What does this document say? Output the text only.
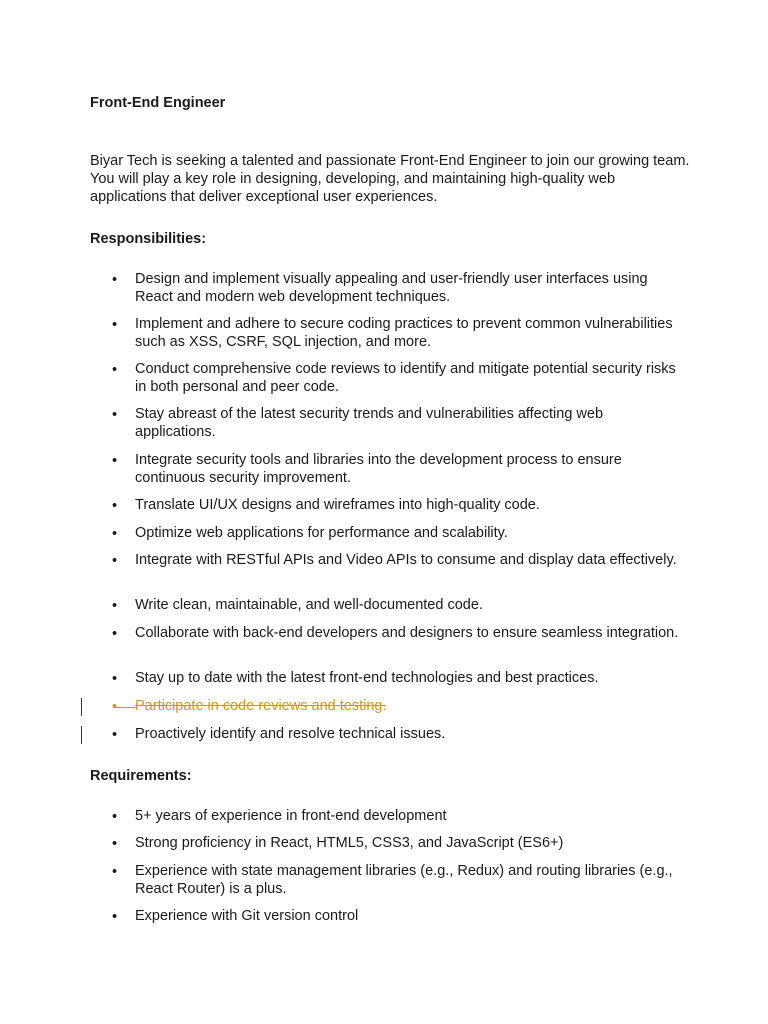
Front-End Engineer

Biyar Tech is seeking a talented and passionate Front-End Engineer to join our growing team. You will play a key role in designing, developing, and maintaining high-quality web applications that deliver exceptional user experiences.

Responsibilities:
• Design and implement visually appealing and user-friendly user interfaces using React and modern web development techniques.
• Implement and adhere to secure coding practices to prevent common vulnerabilities such as XSS, CSRF, SQL injection, and more.
• Conduct comprehensive code reviews to identify and mitigate potential security risks in both personal and peer code.
• Stay abreast of the latest security trends and vulnerabilities affecting web applications.
• Integrate security tools and libraries into the development process to ensure continuous security improvement.
• Translate UI/UX designs and wireframes into high-quality code.
• Optimize web applications for performance and scalability.
• Integrate with RESTful APIs and Video APIs to consume and display data effectively.
• Write clean, maintainable, and well-documented code.
• Collaborate with back-end developers and designers to ensure seamless integration.
• Stay up to date with the latest front-end technologies and best practices.
Participate in code reviews and testing.
• Proactively identify and resolve technical issues.
Requirements:
• 5+ years of experience in front-end development
• Strong proficiency in React, HTML5, CSS3, and JavaScript (ES6+)
• Experience with state management libraries (e.g., Redux) and routing libraries (e.g., React Router) is a plus.
• Experience with Git version control
